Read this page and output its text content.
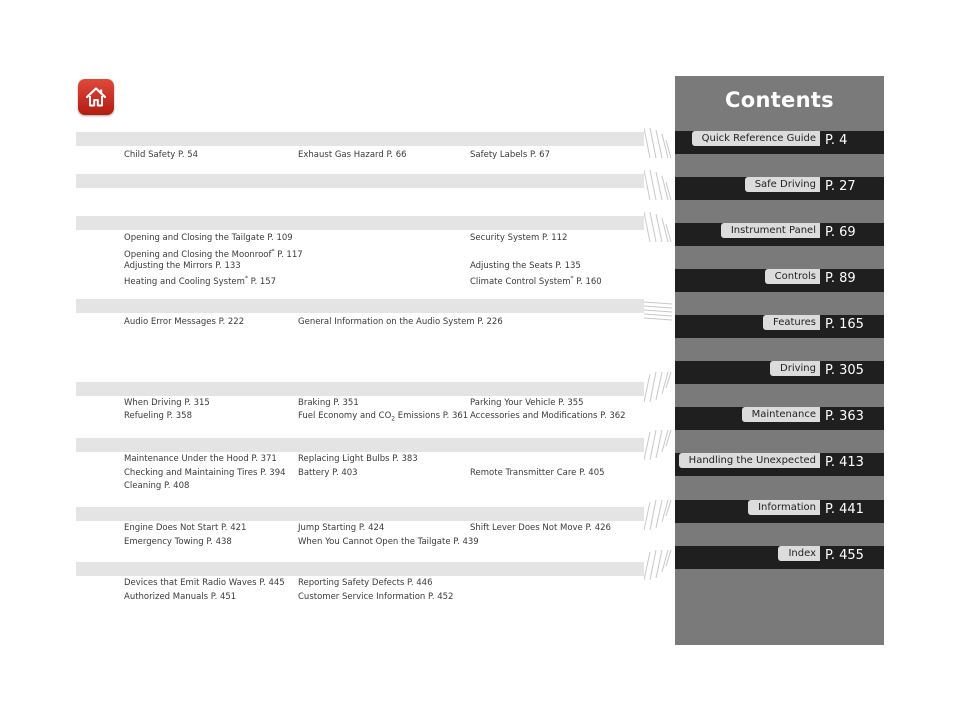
Child Safety P. 54	Exhaust Gas Hazard P. 66	Safety Labels P. 67
Opening and Closing the Tailgate P. 109	Security System P. 112
Opening and Closing the Moonroof* P. 117
Adjusting the Mirrors P. 133	Adjusting the Seats P. 135
Heating and Cooling System* P. 157	Climate Control System* P. 160
Audio Error Messages P. 222	General Information on the Audio System P. 226
When Driving P. 315	Braking P. 351	Parking Your Vehicle P. 355
Refueling P. 358	Fuel Economy and $CO_2$ Emissions P. 361 Accessories and Modifications P. 362
Maintenance Under the Hood P. 371 Replacing Light Bulbs P. 383
Checking and Maintaining Tires P. 394 Battery P. 403	Remote Transmitter Care P. 405
Cleaning P. 408
Engine Does Not Start P. 421	Jump Starting P. 424	Shift Lever Does Not Move P. 426
Emergency Towing P. 438	When You Cannot Open the Tailgate P. 439
Devices that Emit Radio Waves P. 445 Reporting Safety Defects P. 446
Authorized Manuals P. 451	Customer Service Information P. 452
Contents
Quick Reference Guide P. 4
Safe Driving P. 27
Instrument Panel P. 69
Controls P. 89
Features P. 165
Driving P. 305
Maintenance P. 363
Handling the Unexpected P. 413
Information P. 441
Index P. 455
